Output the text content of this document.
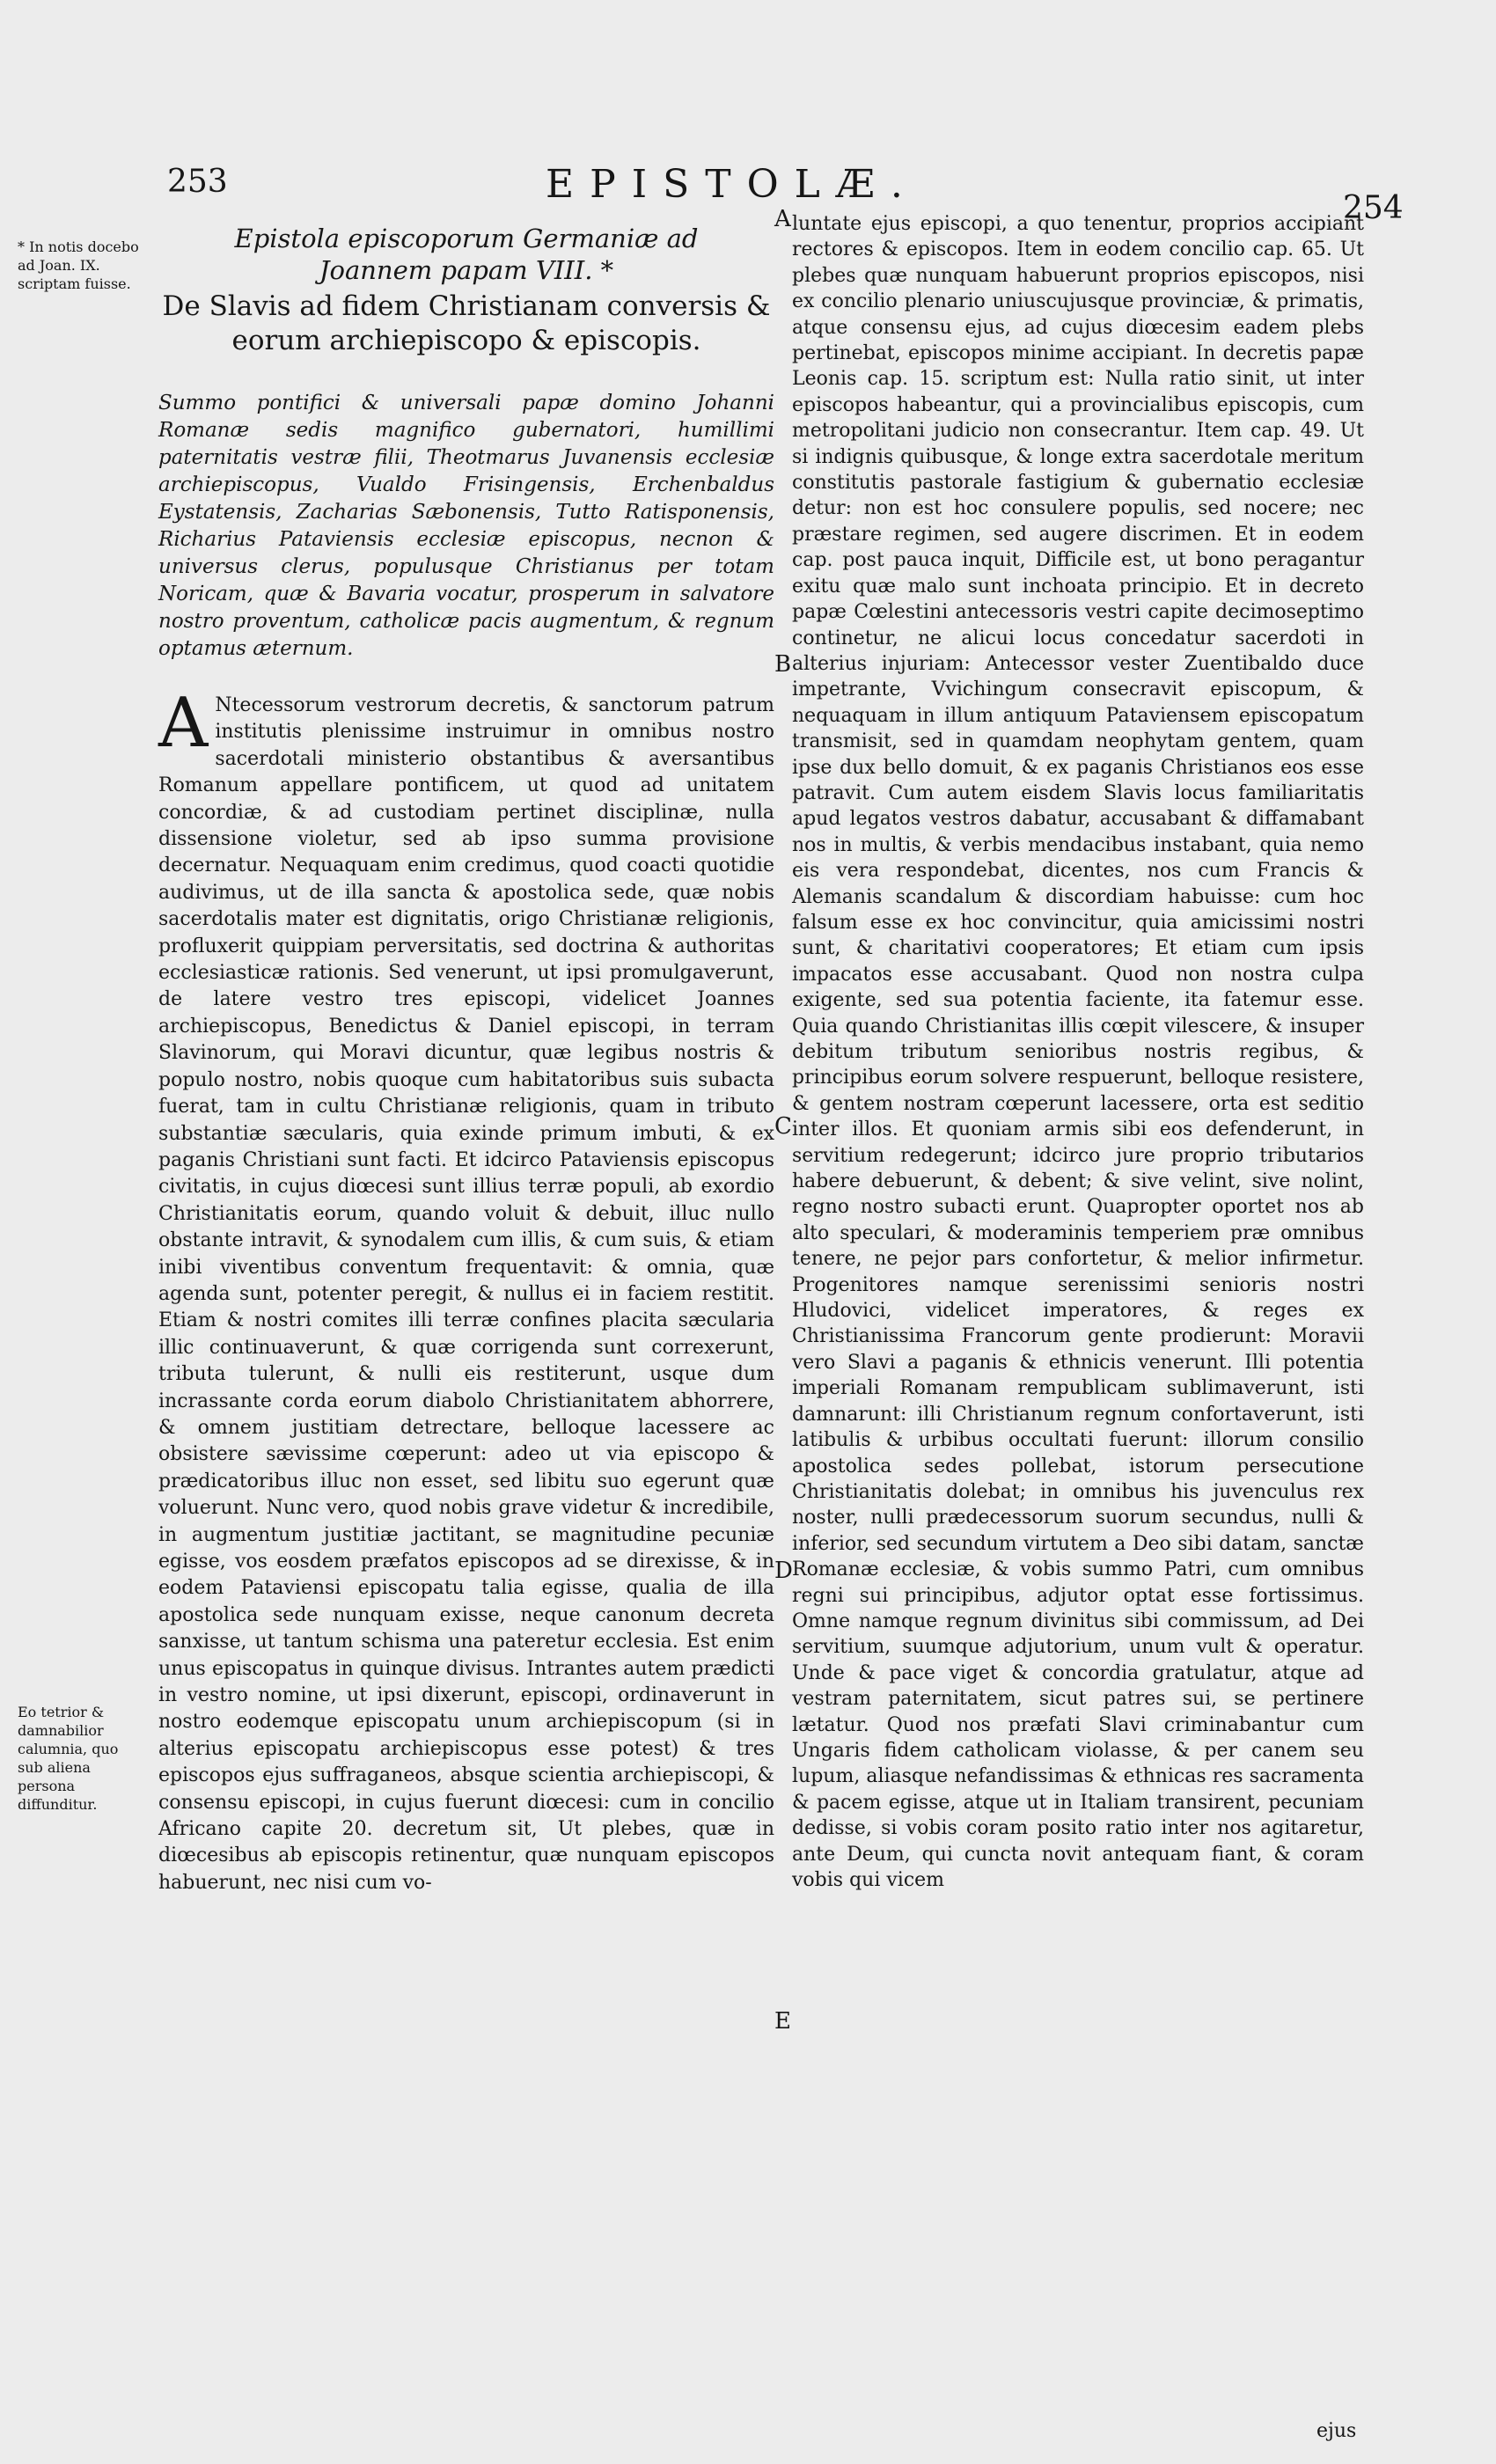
253	EPISTOLÆ.
254
* In notis docebo ad Joan. IX. scriptam fuisse.
Eo tetrior & damnabilior calumnia, quo sub aliena persona diffunditur.
Epistola episcoporum Germaniæ ad Joannem papam VIII. *
De Slavis ad fidem Christianam conversis & eorum archiepiscopo & episcopis.
Summo pontifici & universali papæ domino Johanni Romanæ sedis magnifico gubernatori, humillimi paternitatis vestræ filii, Theotmarus Juvanensis ecclesiæ archiepiscopus, Vualdo Frisingensis, Erchenbaldus Eystatensis, Zacharias Sæbonensis, Tutto Ratisponensis, Richarius Pataviensis ecclesiæ episcopus, necnon & universus clerus, populusque Christianus per totam Noricam, quæ & Bavaria vocatur, prosperum in salvatore nostro proventum, catholicæ pacis augmentum, & regnum optamus æternum.
A Ntecessorum vestrorum decretis, & sanctorum patrum institutis plenissime instruimur in omnibus nostro sacerdotali ministerio obstantibus & aversantibus Romanum appellare pontificem, ut quod ad unitatem concordiæ, & ad custodiam pertinet disciplinæ, nulla dissensione violetur, sed ab ipso summa provisione decernatur. Nequaquam enim credimus, quod coacti quotidie audivimus, ut de illa sancta & apostolica sede, quæ nobis sacerdotalis mater est dignitatis, origo Christianæ religionis, profluxerit quippiam perversitatis, sed doctrina & authoritas ecclesiasticæ rationis. Sed venerunt, ut ipsi promulgaverunt, de latere vestro tres episcopi, videlicet Joannes archiepiscopus, Benedictus & Daniel episcopi, in terram Slavinorum, qui Moravi dicuntur, quæ legibus nostris & populo nostro, nobis quoque cum habitatoribus suis subacta fuerat, tam in cultu Christianæ religionis, quam in tributo substantiæ sæcularis, quia exinde primum imbuti, & ex paganis Christiani sunt facti. Et idcirco Pataviensis episcopus civitatis, in cujus diœcesi sunt illius terræ populi, ab exordio Christianitatis eorum, quando voluit & debuit, illuc nullo obstante intravit, & synodalem cum illis, & cum suis, & etiam inibi viventibus conventum frequentavit: & omnia, quæ agenda sunt, potenter peregit, & nullus ei in faciem restitit. Etiam & nostri comites illi terræ confines placita sæcularia illic continuaverunt, & quæ corrigenda sunt correxerunt, tributa tulerunt, & nulli eis restiterunt, usque dum incrassante corda eorum diabolo Christianitatem abhorrere, & omnem justitiam detrectare, belloque lacessere ac obsistere sævissime cœperunt: adeo ut via episcopo & prædicatoribus illuc non esset, sed libitu suo egerunt quæ voluerunt. Nunc vero, quod nobis grave videtur & incredibile, in augmentum justitiæ jactitant, se magnitudine pecuniæ egisse, vos eosdem præfatos episcopos ad se direxisse, & in eodem Pataviensi episcopatu talia egisse, qualia de illa apostolica sede nunquam exisse, neque canonum decreta sanxisse, ut tantum schisma una pateretur ecclesia. Est enim unus episcopatus in quinque divisus. Intrantes autem prædicti in vestro nomine, ut ipsi dixerunt, episcopi, ordinaverunt in nostro eodemque episcopatu unum archiepiscopum (si in alterius episcopatu archiepiscopus esse potest) & tres episcopos ejus suffraganeos, absque scientia archiepiscopi, & consensu episcopi, in cujus fuerunt diœcesi: cum in concilio Africano capite 20. decretum sit, Ut plebes, quæ in diœcesibus ab episcopis retinentur, quæ nunquam episcopos habuerunt, nec nisi cum vo-
A
B
C
D
E
luntate ejus episcopi, a quo tenentur, proprios accipiant rectores & episcopos. Item in eodem concilio cap. 65. Ut plebes quæ nunquam habuerunt proprios episcopos, nisi ex concilio plenario uniuscujusque provinciæ, & primatis, atque consensu ejus, ad cujus diœcesim eadem plebs pertinebat, episcopos minime accipiant. In decretis papæ Leonis cap. 15. scriptum est: Nulla ratio sinit, ut inter episcopos habeantur, qui a provincialibus episcopis, cum metropolitani judicio non consecrantur. Item cap. 49. Ut si indignis quibusque, & longe extra sacerdotale meritum constitutis pastorale fastigium & gubernatio ecclesiæ detur: non est hoc consulere populis, sed nocere; nec præstare regimen, sed augere discrimen. Et in eodem cap. post pauca inquit, Difficile est, ut bono peragantur exitu quæ malo sunt inchoata principio. Et in decreto papæ Cœlestini antecessoris vestri capite decimoseptimo continetur, ne alicui locus concedatur sacerdoti in alterius injuriam: Antecessor vester Zuentibaldo duce impetrante, Vvichingum consecravit episcopum, & nequaquam in illum antiquum Pataviensem episcopatum transmisit, sed in quamdam neophytam gentem, quam ipse dux bello domuit, & ex paganis Christianos eos esse patravit. Cum autem eisdem Slavis locus familiaritatis apud legatos vestros dabatur, accusabant & diffamabant nos in multis, & verbis mendacibus instabant, quia nemo eis vera respondebat, dicentes, nos cum Francis & Alemanis scandalum & discordiam habuisse: cum hoc falsum esse ex hoc convincitur, quia amicissimi nostri sunt, & charitativi cooperatores; Et etiam cum ipsis impacatos esse accusabant. Quod non nostra culpa exigente, sed sua potentia faciente, ita fatemur esse. Quia quando Christianitas illis cœpit vilescere, & insuper debitum tributum senioribus nostris regibus, & principibus eorum solvere respuerunt, belloque resistere, & gentem nostram cœperunt lacessere, orta est seditio inter illos. Et quoniam armis sibi eos defenderunt, in servitium redegerunt; idcirco jure proprio tributarios habere debuerunt, & debent; & sive velint, sive nolint, regno nostro subacti erunt. Quapropter oportet nos ab alto speculari, & moderaminis temperiem præ omnibus tenere, ne pejor pars confortetur, & melior infirmetur. Progenitores namque serenissimi senioris nostri Hludovici, videlicet imperatores, & reges ex Christianissima Francorum gente prodierunt: Moravii vero Slavi a paganis & ethnicis venerunt. Illi potentia imperiali Romanam rempublicam sublimaverunt, isti damnarunt: illi Christianum regnum confortaverunt, isti latibulis & urbibus occultati fuerunt: illorum consilio apostolica sedes pollebat, istorum persecutione Christianitatis dolebat; in omnibus his juvenculus rex noster, nulli prædecessorum suorum secundus, nulli & inferior, sed secundum virtutem a Deo sibi datam, sanctæ Romanæ ecclesiæ, & vobis summo Patri, cum omnibus regni sui principibus, adjutor optat esse fortissimus. Omne namque regnum divinitus sibi commissum, ad Dei servitium, suumque adjutorium, unum vult & operatur. Unde & pace viget & concordia gratulatur, atque ad vestram paternitatem, sicut patres sui, se pertinere lætatur. Quod nos præfati Slavi criminabantur cum Ungaris fidem catholicam violasse, & per canem seu lupum, aliasque nefandissimas & ethnicas res sacramenta & pacem egisse, atque ut in Italiam transirent, pecuniam dedisse, si vobis coram posito ratio inter nos agitaretur, ante Deum, qui cuncta novit antequam fiant, & coram vobis qui vicem
ejus
